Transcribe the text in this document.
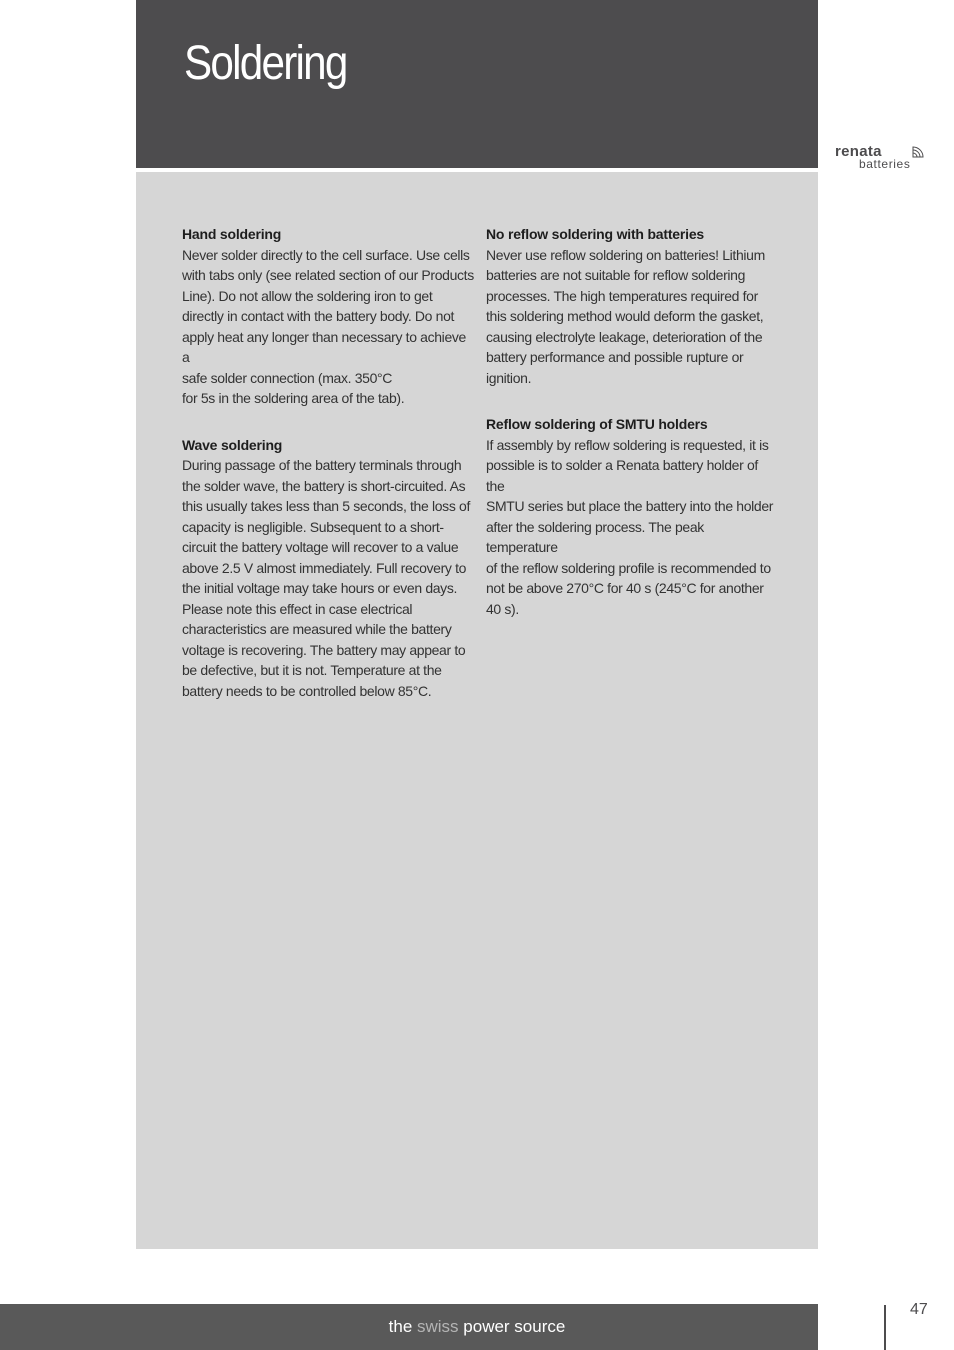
Soldering
renata
batteries
Hand soldering

Never solder directly to the cell surface. Use cells
with tabs only (see related section of our Products
Line). Do not allow the soldering iron to get
directly in contact with the battery body. Do not
apply heat any longer than necessary to achieve a
safe solder connection (max. 350°C
for 5s in the soldering area of the tab).

Wave soldering

During passage of the battery terminals through
the solder wave, the battery is short-circuited. As
this usually takes less than 5 seconds, the loss of
capacity is negligible. Subsequent to a short-
circuit the battery voltage will recover to a value
above 2.5 V almost immediately. Full recovery to
the initial voltage may take hours or even days.
Please note this effect in case electrical
characteristics are measured while the battery
voltage is recovering. The battery may appear to
be defective, but it is not. Temperature at the
battery needs to be controlled below 85°C.

No reflow soldering with batteries

Never use reflow soldering on batteries! Lithium
batteries are not suitable for reflow soldering
processes. The high temperatures required for
this soldering method would deform the gasket,
causing electrolyte leakage, deterioration of the
battery performance and possible rupture or
ignition.

Reflow soldering of SMTU holders

If assembly by reflow soldering is requested, it is
possible is to solder a Renata battery holder of the
SMTU series but place the battery into the holder
after the soldering process. The peak temperature
of the reflow soldering profile is recommended to
not be above 270°C for 40 s (245°C for another
40 s).

the swiss power source
47
